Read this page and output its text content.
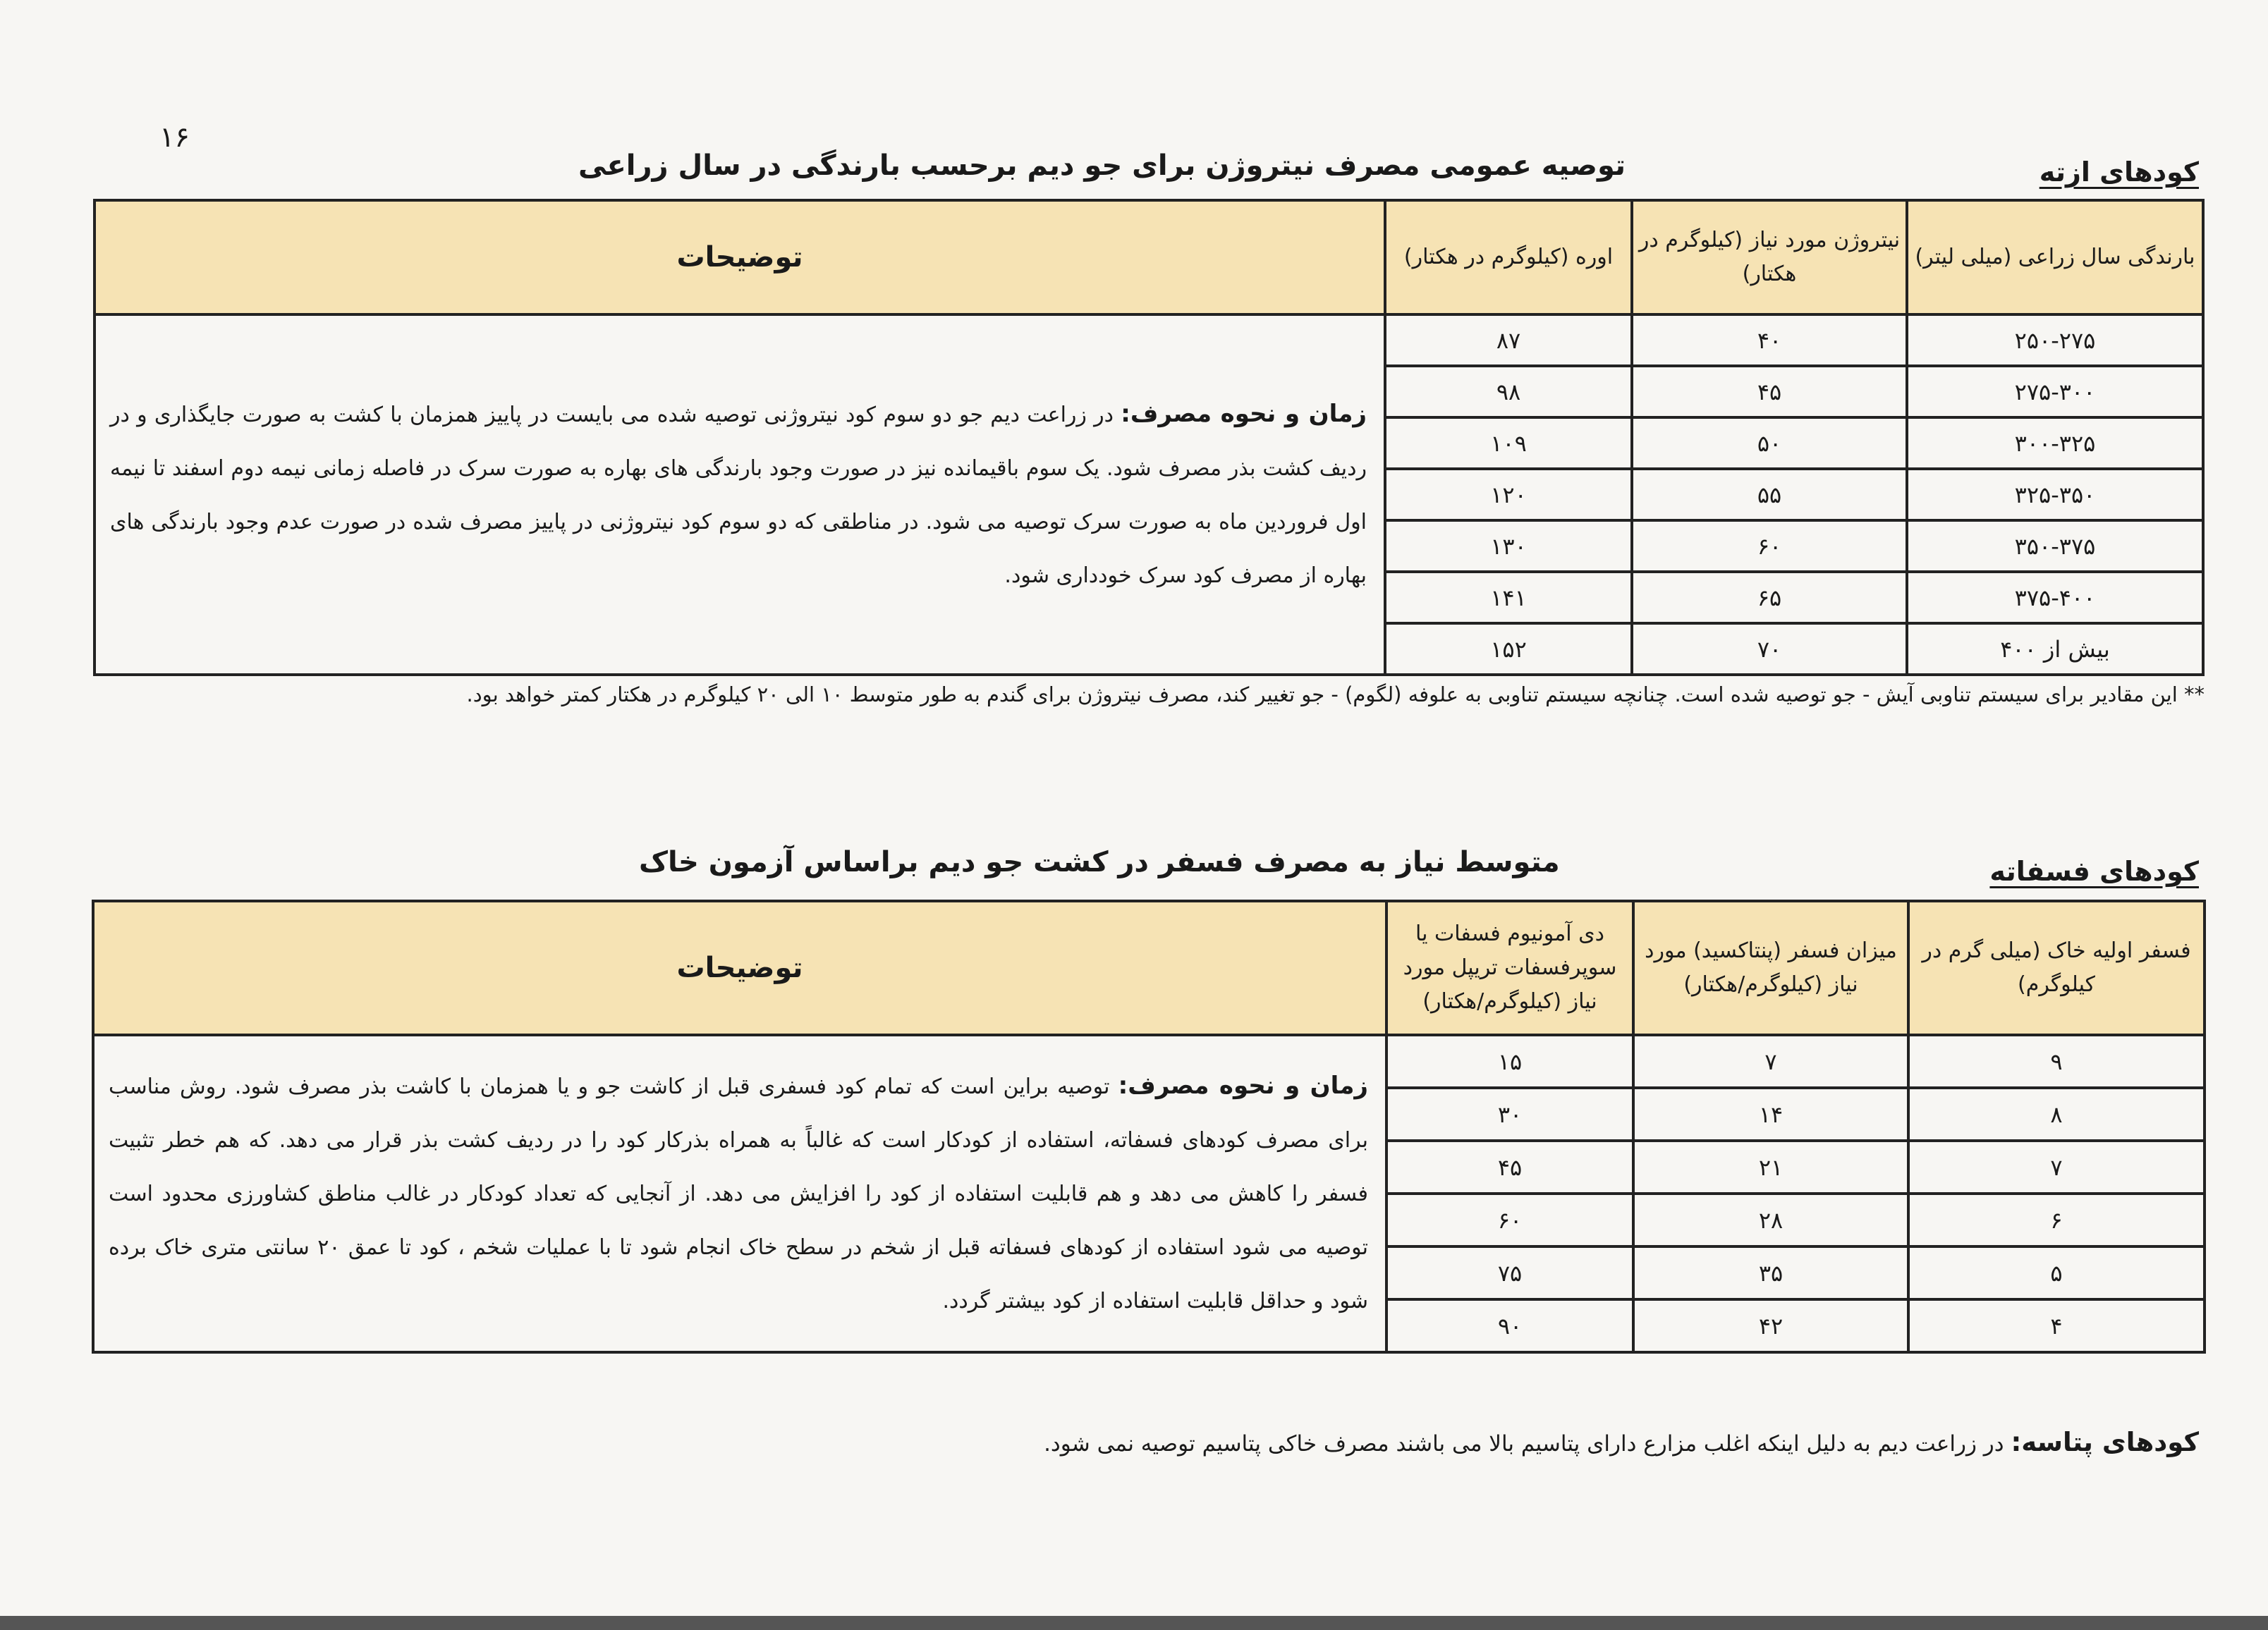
۱۶
کودهای ازته
توصیه عمومی مصرف نیتروژن برای جو دیم برحسب بارندگی در سال زراعی
بارندگی سال زراعی (میلی لیتر)	نیتروژن مورد نیاز (کیلوگرم در هکتار)	اوره (کیلوگرم در هکتار)	توضیحات
۲۵۰-۲۷۵	۴۰	۸۷	زمان و نحوه مصرف: در زراعت دیم جو دو سوم کود نیتروژنی توصیه شده می بایست در پاییز همزمان با کشت به صورت جایگذاری و در ردیف کشت بذر مصرف شود. یک سوم باقیمانده نیز در صورت وجود بارندگی های بهاره به صورت سرک در فاصله زمانی نیمه دوم اسفند تا نیمه اول فروردین ماه به صورت سرک توصیه می شود. در مناطقی که دو سوم کود نیتروژنی در پاییز مصرف شده در صورت عدم وجود بارندگی های بهاره از مصرف کود سرک خودداری شود.
۲۷۵-۳۰۰	۴۵	۹۸	
۳۰۰-۳۲۵	۵۰	۱۰۹	
۳۲۵-۳۵۰	۵۵	۱۲۰	
۳۵۰-۳۷۵	۶۰	۱۳۰	
۳۷۵-۴۰۰	۶۵	۱۴۱	
بیش از ۴۰۰	۷۰	۱۵۲	
** این مقادیر برای سیستم تناوبی آیش - جو توصیه شده است. چنانچه سیستم تناوبی به علوفه (لگوم) - جو تغییر کند، مصرف نیتروژن برای گندم به طور متوسط ۱۰ الی ۲۰ کیلوگرم در هکتار کمتر خواهد بود.
کودهای فسفاته
متوسط نیاز به مصرف فسفر در کشت جو دیم براساس آزمون خاک
فسفر اولیه خاک (میلی گرم در کیلوگرم)	میزان فسفر (پنتاکسید) مورد نیاز (کیلوگرم/هکتار)	دی آمونیوم فسفات یا سوپرفسفات تریپل مورد نیاز (کیلوگرم/هکتار)	توضیحات
۹	۷	۱۵	زمان و نحوه مصرف: توصیه براین است که تمام کود فسفری قبل از کاشت جو و یا همزمان با کاشت بذر مصرف شود. روش مناسب برای مصرف کودهای فسفاته، استفاده از کودکار است که غالباً به همراه بذرکار کود را در ردیف کشت بذر قرار می دهد. که هم خطر تثبیت فسفر را کاهش می دهد و هم قابلیت استفاده از کود را افزایش می دهد. از آنجایی که تعداد کودکار در غالب مناطق کشاورزی محدود است توصیه می شود استفاده از کودهای فسفاته قبل از شخم در سطح خاک انجام شود تا با عملیات شخم ، کود تا عمق ۲۰ سانتی متری خاک برده شود و حداقل قابلیت استفاده از کود بیشتر گردد.
۸	۱۴	۳۰	
۷	۲۱	۴۵	
۶	۲۸	۶۰	
۵	۳۵	۷۵	
۴	۴۲	۹۰	
کودهای پتاسه: در زراعت دیم به دلیل اینکه اغلب مزارع دارای پتاسیم بالا می باشند مصرف خاکی پتاسیم توصیه نمی شود.
